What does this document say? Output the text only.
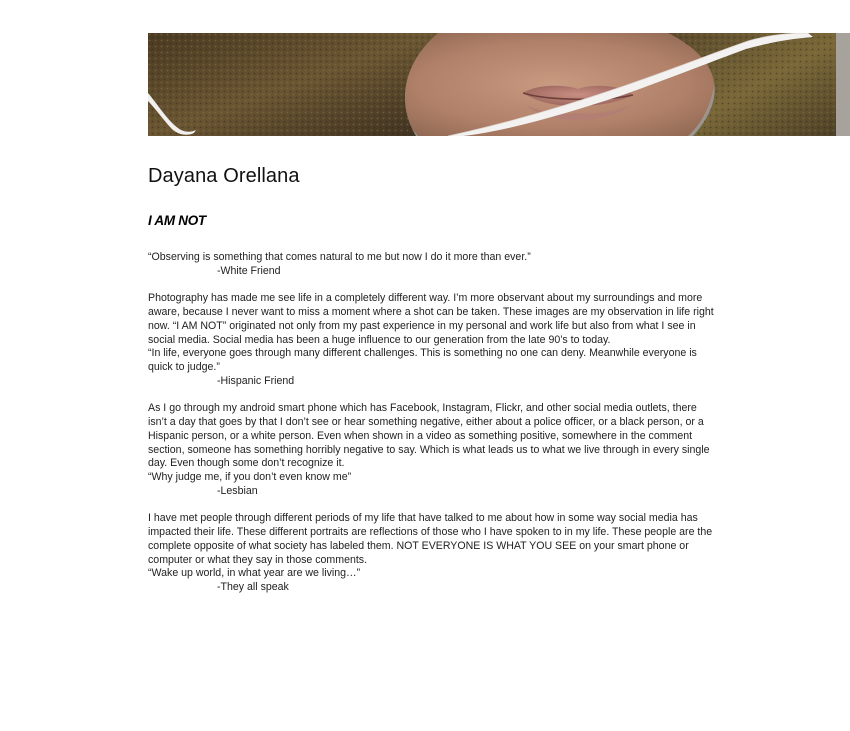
Dayana Orellana
I AM NOT

“Observing is something that comes natural to me but now I do it more than ever.”

-White Friend

Photography has made me see life in a completely different way. I’m more observant about my surroundings and more aware, because I never want to miss a moment where a shot can be taken. These images are my observation in life right now. “I AM NOT” originated not only from my past experience in my personal and work life but also from what I see in social media. Social media has been a huge influence to our generation from the late 90’s to today.

“In life, everyone goes through many different challenges. This is something no one can deny. Meanwhile everyone is quick to judge.”

-Hispanic Friend

As I go through my android smart phone which has Facebook, Instagram, Flickr, and other social media outlets, there isn’t a day that goes by that I don’t see or hear something negative, either about a police officer, or a black person, or a Hispanic person, or a white person. Even when shown in a video as something positive, somewhere in the comment section, someone has something horribly negative to say. Which is what leads us to what we live through in every single day. Even though some don’t recognize it.

“Why judge me, if you don’t even know me”

-Lesbian

I have met people through different periods of my life that have talked to me about how in some way social media has impacted their life. These different portraits are reflections of those who I have spoken to in my life. These people are the complete opposite of what society has labeled them. NOT EVERYONE IS WHAT YOU SEE on your smart phone or computer or what they say in those comments.

“Wake up world, in what year are we living…”

-They all speak
